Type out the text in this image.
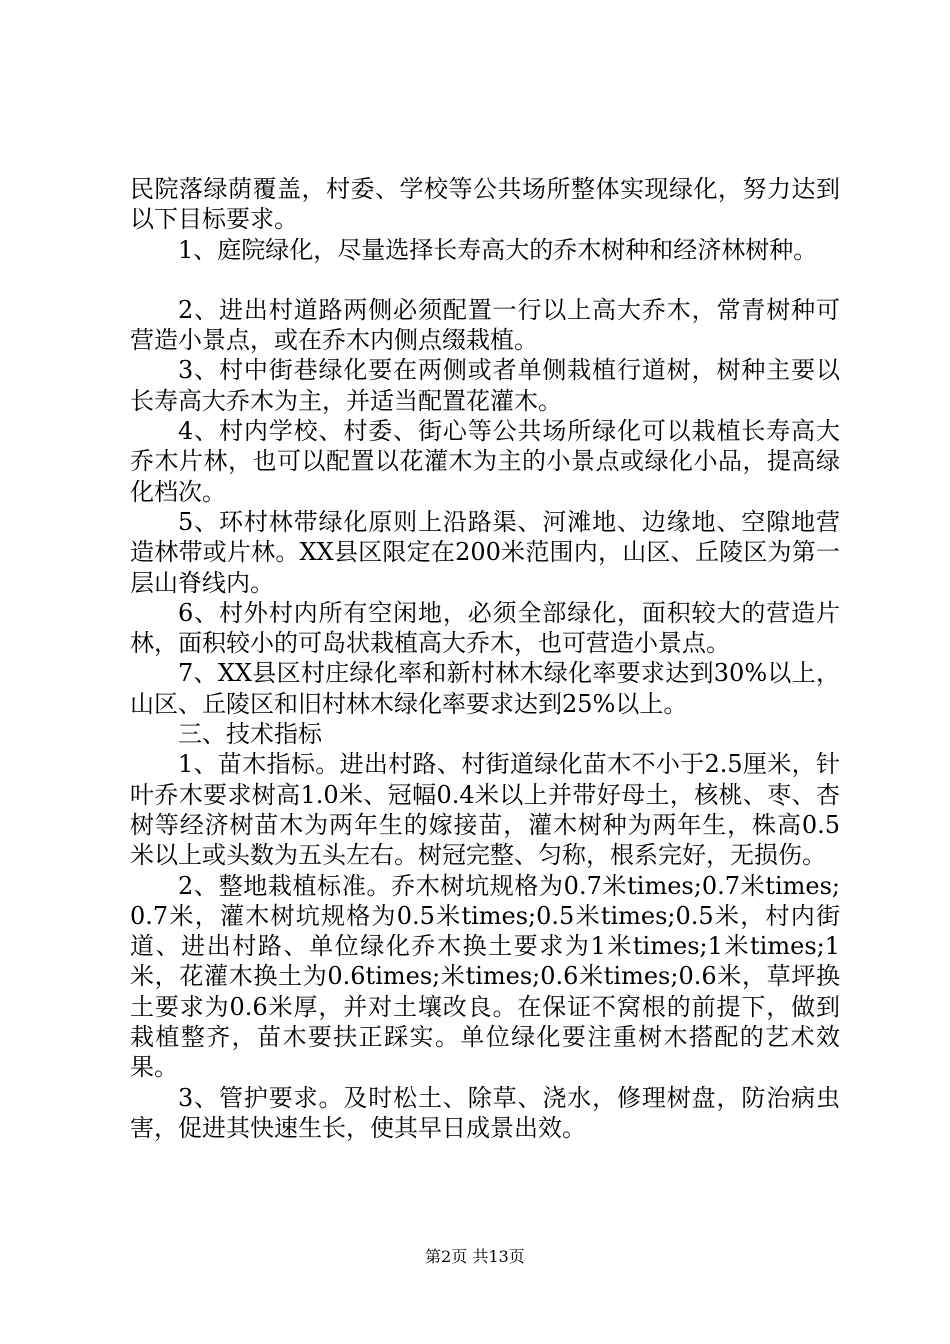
民院落绿荫覆盖，村委、学校等公共场所整体实现绿化，努力达到以下目标要求。

1、庭院绿化，尽量选择长寿高大的乔木树种和经济林树种。

2、进出村道路两侧必须配置一行以上高大乔木，常青树种可营造小景点，或在乔木内侧点缀栽植。

3、村中街巷绿化要在两侧或者单侧栽植行道树，树种主要以长寿高大乔木为主，并适当配置花灌木。

4、村内学校、村委、街心等公共场所绿化可以栽植长寿高大乔木片林，也可以配置以花灌木为主的小景点或绿化小品，提高绿化档次。

5、环村林带绿化原则上沿路渠、河滩地、边缘地、空隙地营造林带或片林。XX县区限定在200米范围内，山区、丘陵区为第一层山脊线内。

6、村外村内所有空闲地，必须全部绿化，面积较大的营造片林，面积较小的可岛状栽植高大乔木，也可营造小景点。

7、XX县区村庄绿化率和新村林木绿化率要求达到30%以上，山区、丘陵区和旧村林木绿化率要求达到25%以上。

三、技术指标

1、苗木指标。进出村路、村街道绿化苗木不小于2.5厘米，针叶乔木要求树高1.0米、冠幅0.4米以上并带好母土，核桃、枣、杏树等经济树苗木为两年生的嫁接苗，灌木树种为两年生，株高0.5米以上或头数为五头左右。树冠完整、匀称，根系完好，无损伤。

2、整地栽植标准。乔木树坑规格为0.7米times;0.7米times;0.7米，灌木树坑规格为0.5米times;0.5米times;0.5米，村内街道、进出村路、单位绿化乔木换土要求为1米times;1米times;1米，花灌木换土为0.6times;米times;0.6米times;0.6米，草坪换土要求为0.6米厚，并对土壤改良。在保证不窝根的前提下，做到栽植整齐，苗木要扶正踩实。单位绿化要注重树木搭配的艺术效果。

3、管护要求。及时松土、除草、浇水，修理树盘，防治病虫害，促进其快速生长，使其早日成景出效。

第2页 共13页
